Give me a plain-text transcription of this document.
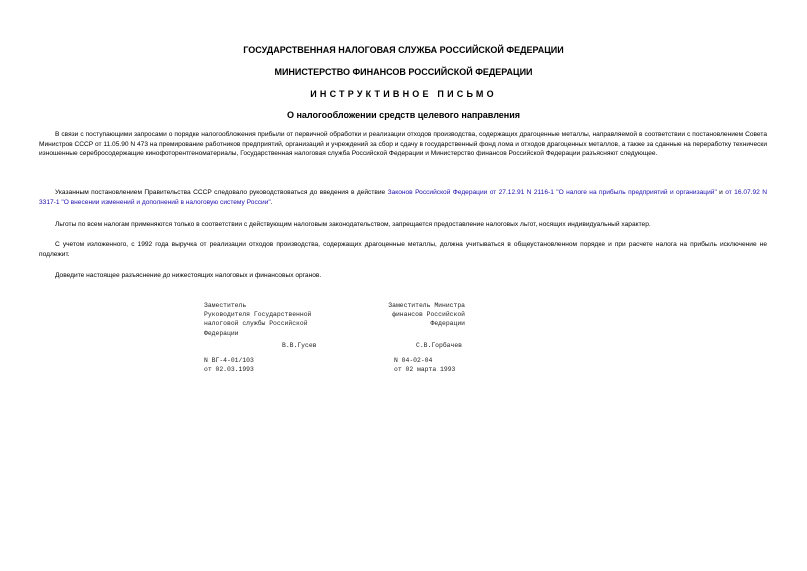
ГОСУДАРСТВЕННАЯ НАЛОГОВАЯ СЛУЖБА РОССИЙСКОЙ ФЕДЕРАЦИИ

МИНИСТЕРСТВО ФИНАНСОВ РОССИЙСКОЙ ФЕДЕРАЦИИ

ИНСТРУКТИВНОЕ ПИСЬМО

О налогообложении средств целевого направления

В связи с поступающими запросами о порядке налогообложения прибыли от первичной обработки и реализации отходов производства, содержащих драгоценные металлы, направляемой в соответствии с постановлением Совета Министров СССР от 11.05.90 N 473 на премирование работников предприятий, организаций и учреждений за сбор и сдачу в государственный фонд лома и отходов драгоценных металлов, а также за сданные на переработку технически изношенные серебросодержащие кинофоторентгеноматериалы, Государственная налоговая служба Российской Федерации и Министерство финансов Российской Федерации разъясняют следующее.

Указанным постановлением Правительства СССР следовало руководствоваться до введения в действие Законов Российской Федерации от 27.12.91 N 2116-1 "О налоге на прибыль предприятий и организаций" и от 16.07.92 N 3317-1 "О внесении изменений и дополнений в налоговую систему России".

Льготы по всем налогам применяются только в соответствии с действующим налоговым законодательством, запрещается предоставление налоговых льгот, носящих индивидуальный характер.

С учетом изложенного, с 1992 года выручка от реализации отходов производства, содержащих драгоценные металлы, должна учитываться в общеустановленном порядке и при расчете налога на прибыль исключение не подлежит.

Доведите настоящее разъяснение до нижестоящих налоговых и финансовых органов.

Заместитель
Руководителя Государственной
налоговой службы Российской
Федерации
Заместитель Министра
финансов Российской
Федерации
В.В.Гусев	С.В.Горбачев
N ВГ-4-01/103
от 02.03.1993
N 04-02-04
от 02 марта 1993
